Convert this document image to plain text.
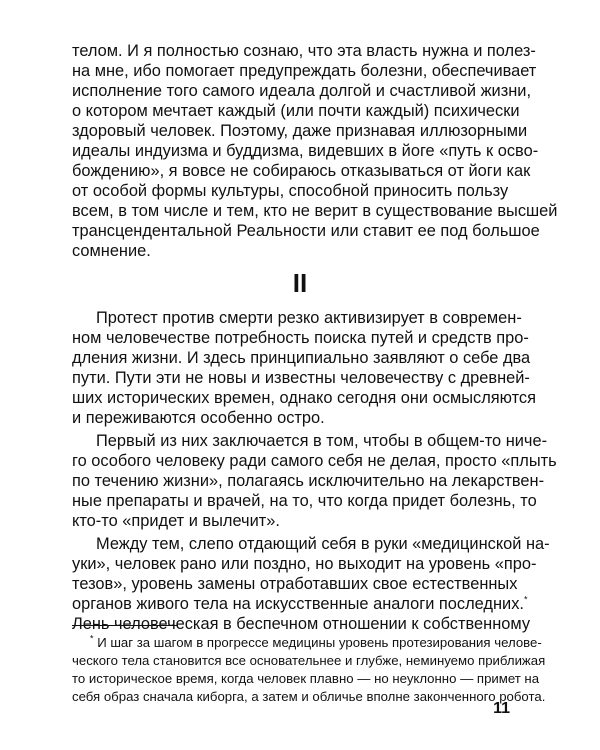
телом. И я полностью сознаю, что эта власть нужна и полез-
на мне, ибо помогает предупреждать болезни, обеспечивает
исполнение того самого идеала долгой и счастливой жизни,
о котором мечтает каждый (или почти каждый) психически
здоровый человек. Поэтому, даже признавая иллюзорными
идеалы индуизма и буддизма, видевших в йоге «путь к осво-
бождению», я вовсе не собираюсь отказываться от йоги как
от особой формы культуры, способной приносить пользу
всем, в том числе и тем, кто не верит в существование высшей
трансцендентальной Реальности или ставит ее под большое
сомнение.
II
Протест против смерти резко активизирует в современ-
ном человечестве потребность поиска путей и средств про-
дления жизни. И здесь принципиально заявляют о себе два
пути. Пути эти не новы и известны человечеству с древней-
ших исторических времен, однако сегодня они осмысляются
и переживаются особенно остро.
Первый из них заключается в том, чтобы в общем-то ниче-
го особого человеку ради самого себя не делая, просто «плыть
по течению жизни», полагаясь исключительно на лекарствен-
ные препараты и врачей, на то, что когда придет болезнь, то
кто-то «придет и вылечит».
Между тем, слепо отдающий себя в руки «медицинской на-
уки», человек рано или поздно, но выходит на уровень «про-
тезов», уровень замены отработавших свое естественных
органов живого тела на искусственные аналоги последних.*
Лень человеческая в беспечном отношении к собственному
* И шаг за шагом в прогрессе медицины уровень протезирования челове-
ческого тела становится все основательнее и глубже, неминуемо приближая
то историческое время, когда человек плавно — но неуклонно — примет на
себя образ сначала киборга, а затем и обличье вполне законченного робота.
11
